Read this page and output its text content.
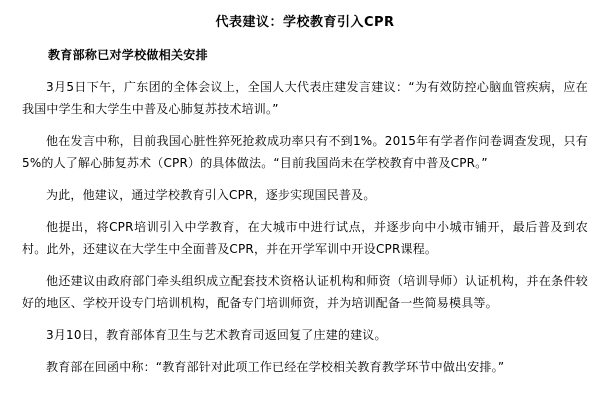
代表建议：学校教育引入CPR
教育部称已对学校做相关安排

3月5日下午，广东团的全体会议上，全国人大代表庄建发言建议：“为有效防控心脑血管疾病，应在我国中学生和大学生中普及心肺复苏技术培训。”

他在发言中称，目前我国心脏性猝死抢救成功率只有不到1%。2015年有学者作问卷调查发现，只有5%的人了解心肺复苏术（CPR）的具体做法。“目前我国尚未在学校教育中普及CPR。”

为此，他建议，通过学校教育引入CPR，逐步实现国民普及。

他提出，将CPR培训引入中学教育，在大城市中进行试点，并逐步向中小城市铺开，最后普及到农村。此外，还建议在大学生中全面普及CPR，并在开学军训中开设CPR课程。

他还建议由政府部门牵头组织成立配套技术资格认证机构和师资（培训导师）认证机构，并在条件较好的地区、学校开设专门培训机构，配备专门培训师资，并为培训配备一些简易模具等。

3月10日，教育部体育卫生与艺术教育司返回复了庄建的建议。

教育部在回函中称：“教育部针对此项工作已经在学校相关教育教学环节中做出安排。”
